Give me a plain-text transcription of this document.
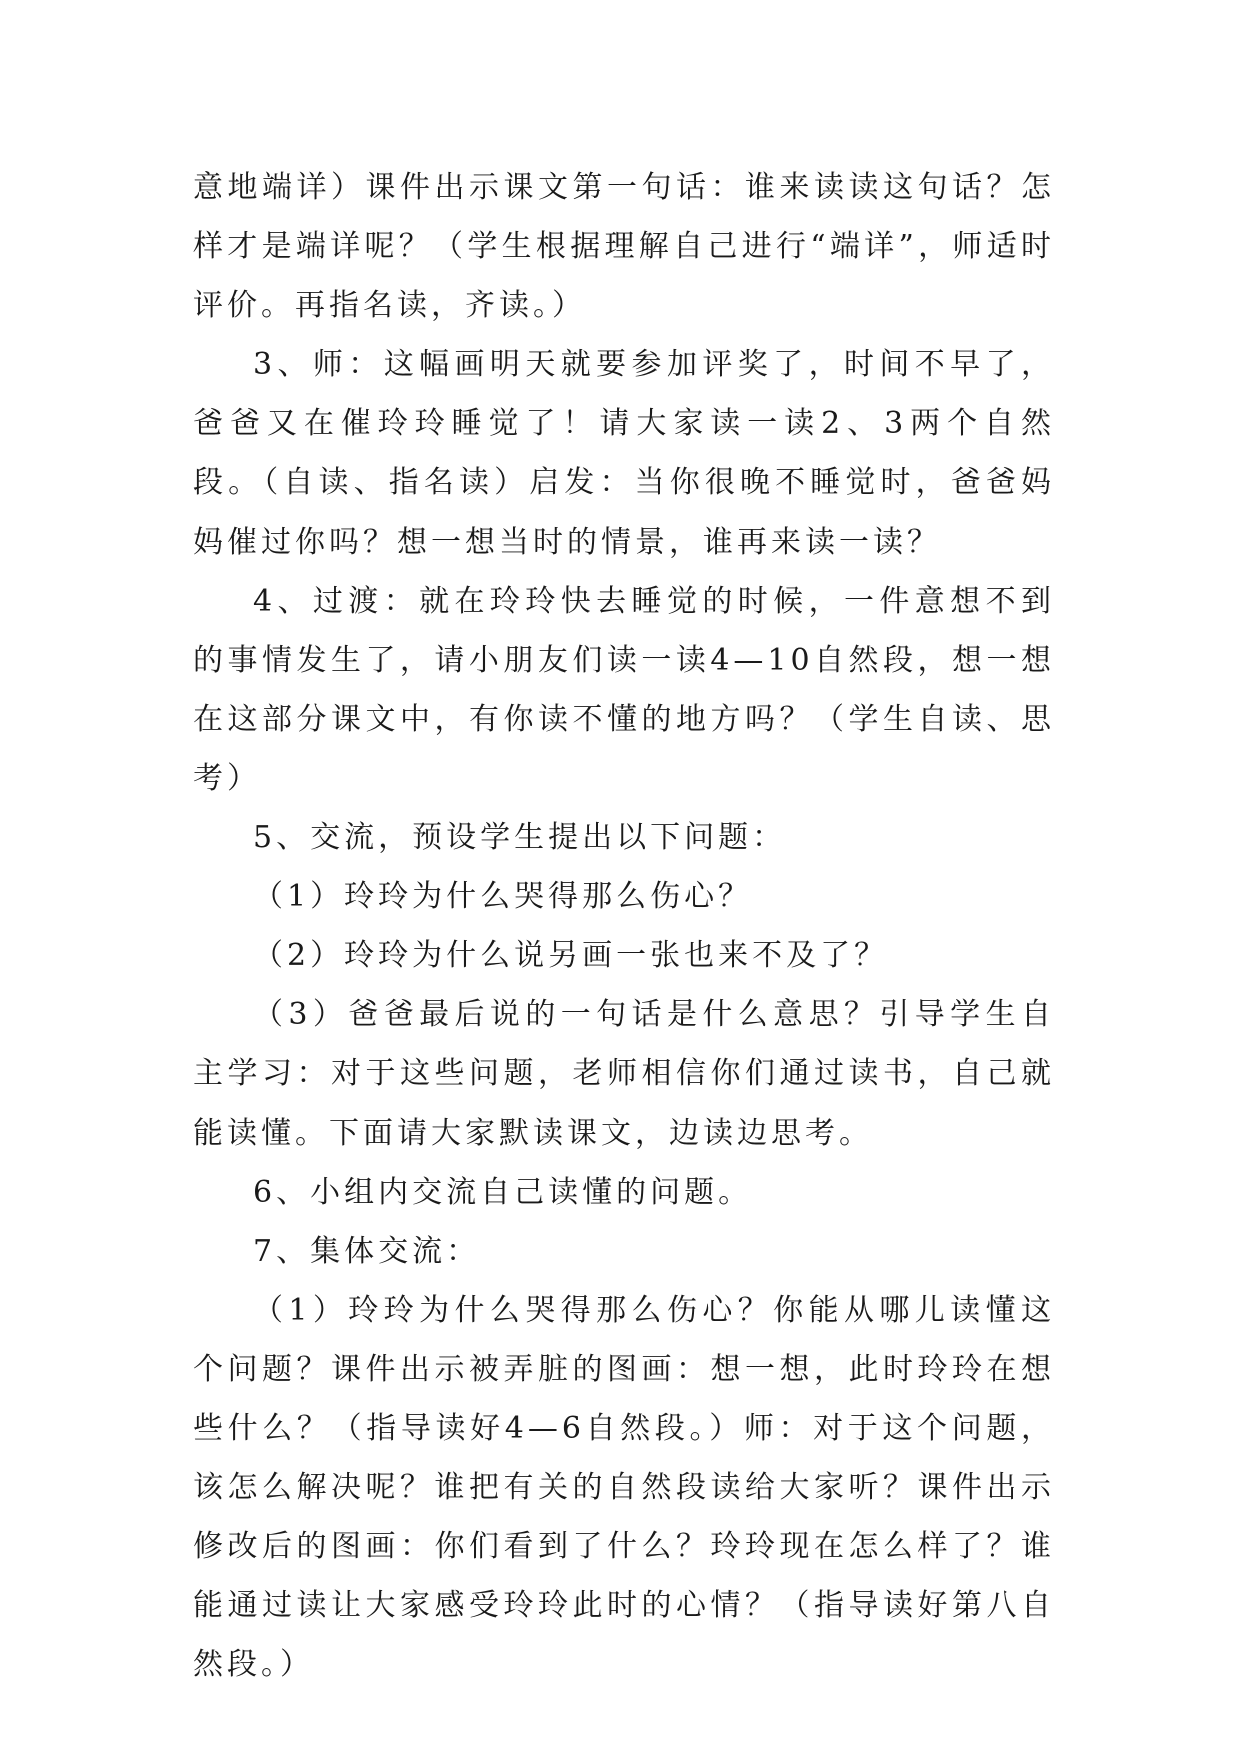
意地端详）课件出示课文第一句话：谁来读读这句话？怎样才是端详呢？（学生根据理解自己进行“端详”，师适时评价。再指名读，齐读。）

3、师：这幅画明天就要参加评奖了，时间不早了，爸爸又在催玲玲睡觉了！请大家读一读2、3两个自然段。（自读、指名读）启发：当你很晚不睡觉时，爸爸妈妈催过你吗？想一想当时的情景，谁再来读一读？

4、过渡：就在玲玲快去睡觉的时候，一件意想不到的事情发生了，请小朋友们读一读4—10自然段，想一想在这部分课文中，有你读不懂的地方吗？（学生自读、思考）

5、交流，预设学生提出以下问题：

（1）玲玲为什么哭得那么伤心？

（2）玲玲为什么说另画一张也来不及了？

（3）爸爸最后说的一句话是什么意思？引导学生自主学习：对于这些问题，老师相信你们通过读书，自己就能读懂。下面请大家默读课文，边读边思考。

6、小组内交流自己读懂的问题。

7、集体交流：

（1）玲玲为什么哭得那么伤心？你能从哪儿读懂这个问题？课件出示被弄脏的图画：想一想，此时玲玲在想些什么？（指导读好4—6自然段。）师：对于这个问题，该怎么解决呢？谁把有关的自然段读给大家听？课件出示修改后的图画：你们看到了什么？玲玲现在怎么样了？谁能通过读让大家感受玲玲此时的心情？（指导读好第八自然段。）
